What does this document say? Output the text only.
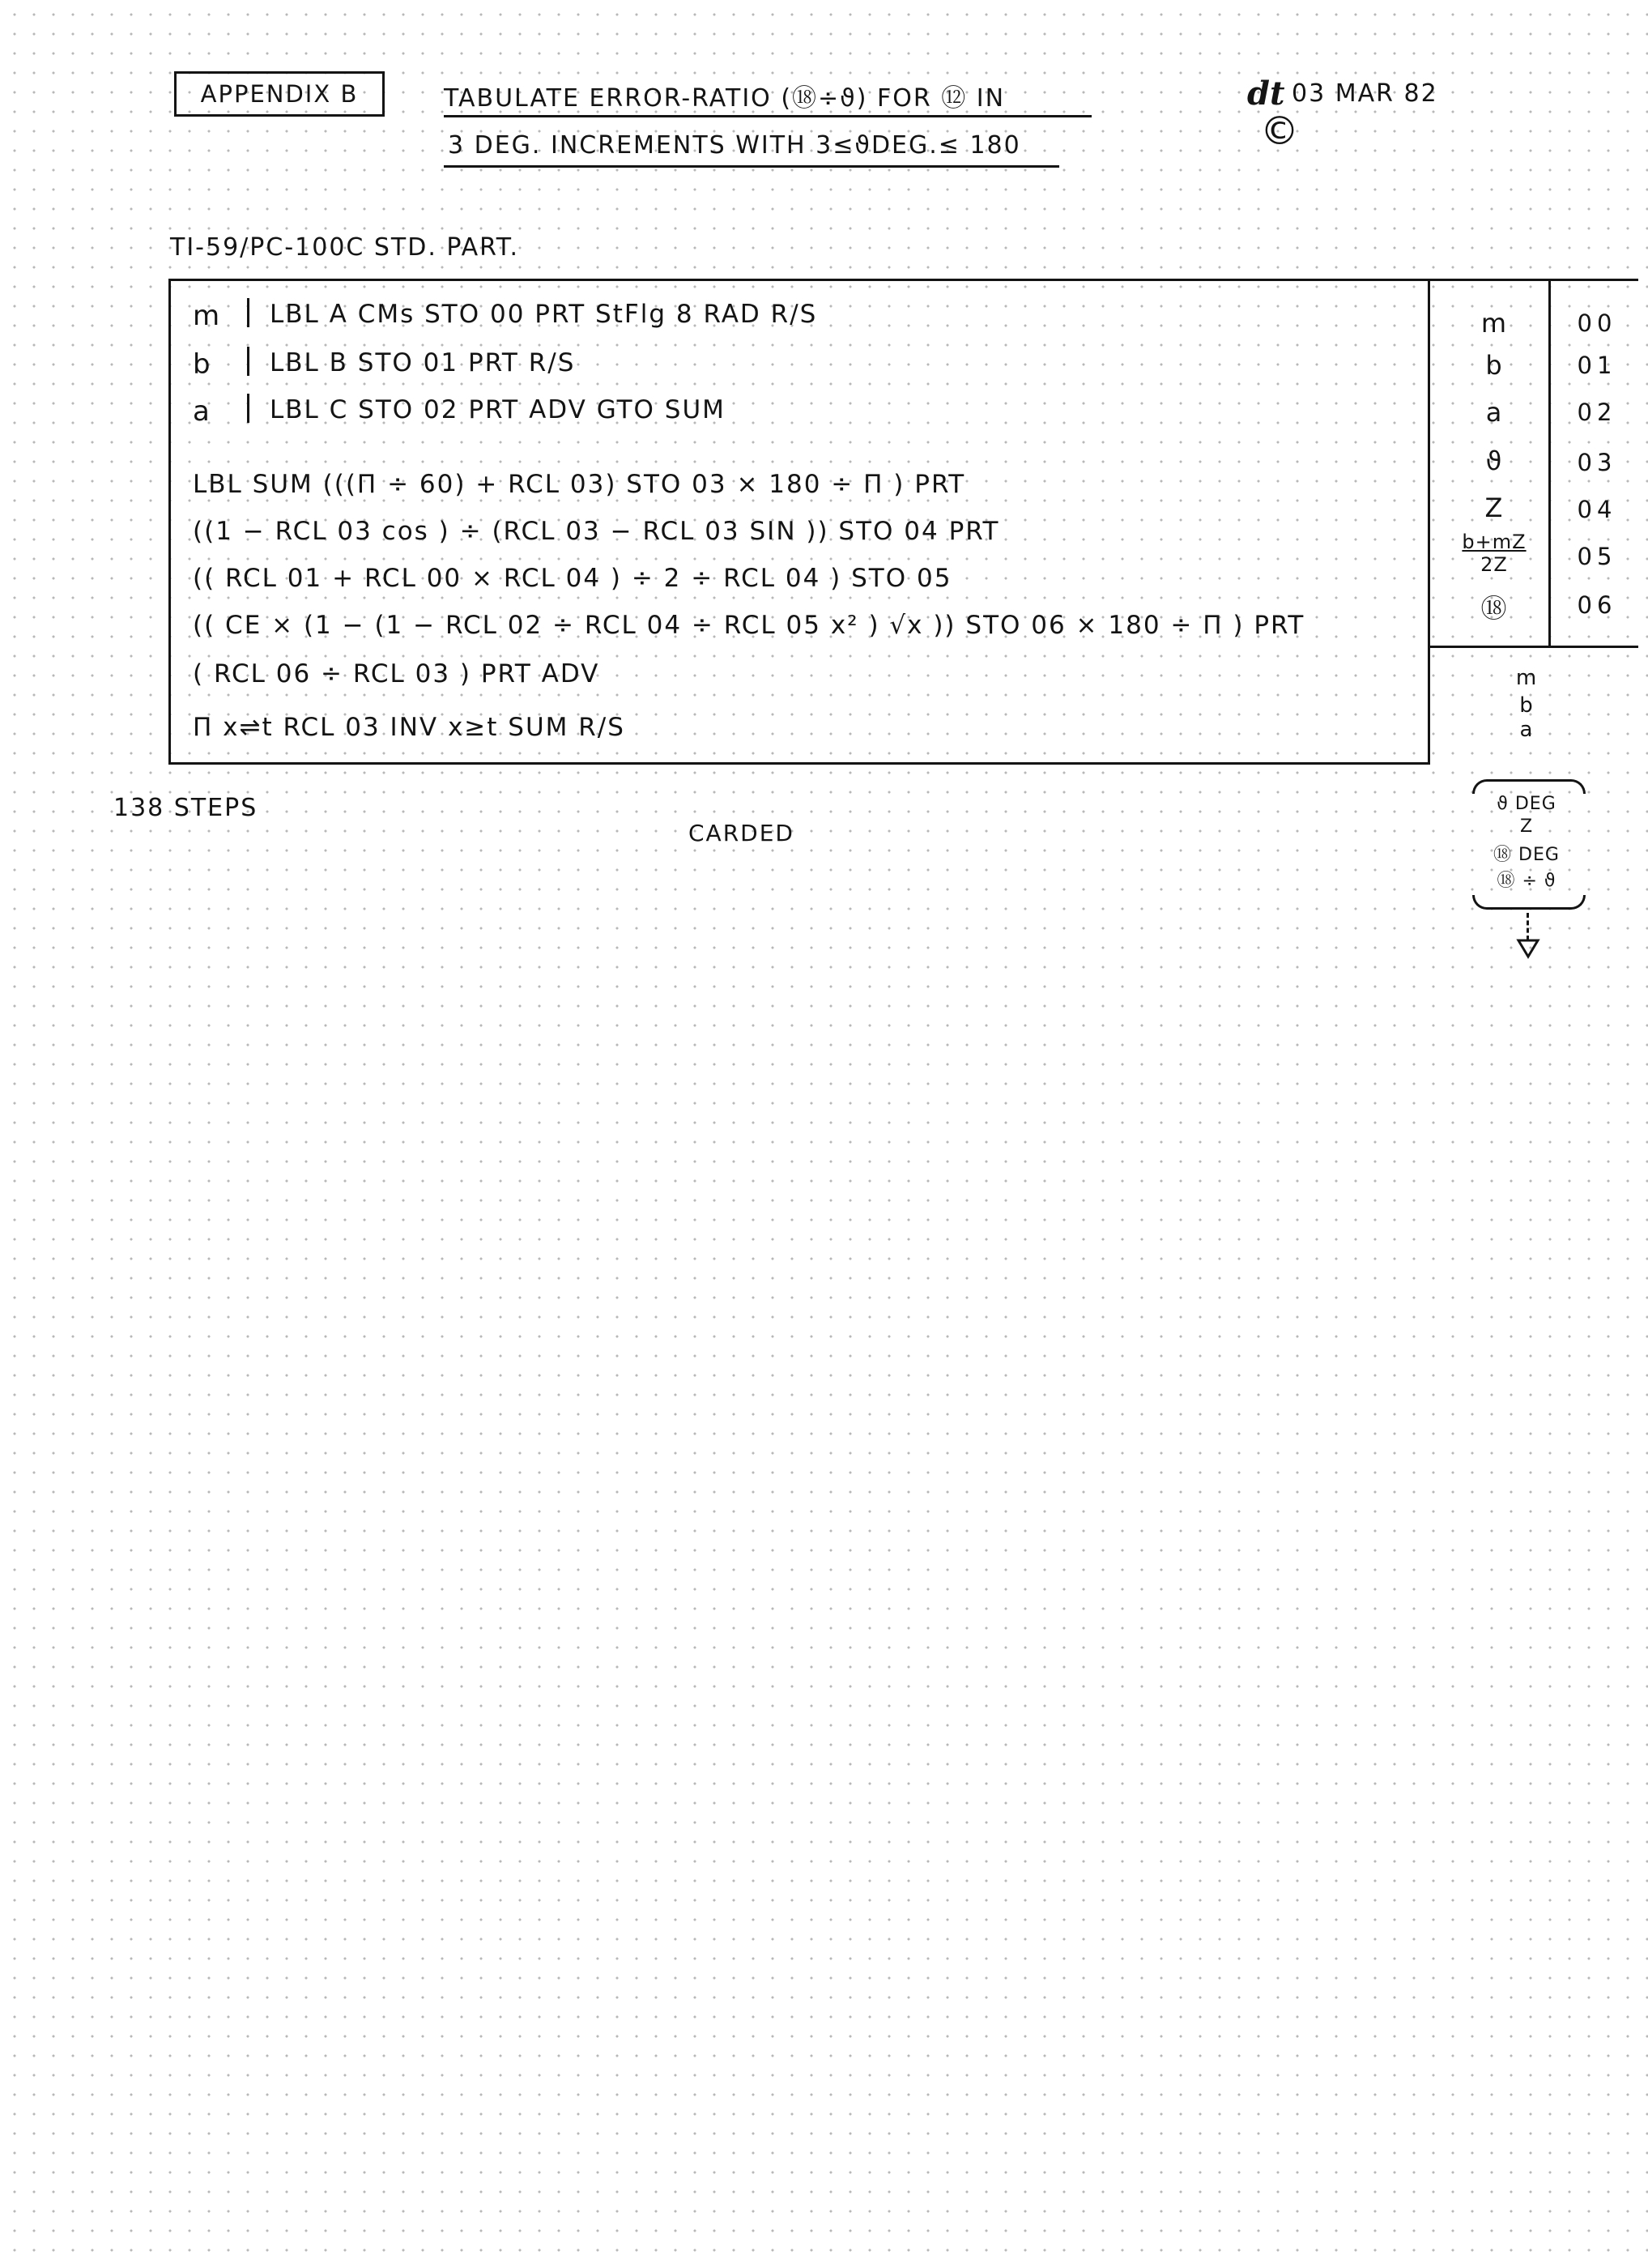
APPENDIX B	TABULATE ERROR-RATIO (⑱÷ϑ) FOR ⑫ IN
3 DEG. INCREMENTS WITH 3≤ϑDEG.≤ 180
dt 03 MAR 82
©
TI-59/PC-100C STD. PART.
m LBL A CMs STO 00 PRT StFlg 8 RAD R/S
b LBL B STO 01 PRT R/S
a LBL C STO 02 PRT ADV GTO SUM
LBL SUM (((Π ÷ 60) + RCL 03) STO 03 × 180 ÷ Π ) PRT
((1 − RCL 03 cos ) ÷ (RCL 03 − RCL 03 SIN )) STO 04 PRT
(( RCL 01 + RCL 00 × RCL 04 ) ÷ 2 ÷ RCL 04 ) STO 05
(( CE × (1 − (1 − RCL 02 ÷ RCL 04 ÷ RCL 05 x² ) √x )) STO 06 × 180 ÷ Π ) PRT
( RCL 06 ÷ RCL 03 ) PRT ADV
Π x⇌t RCL 03 INV x≥t SUM R/S
m	00
b	01
a	02
ϑ	03
Z	04
$\frac{b+mZ}{2Z}$	05
⑱	06
m
b
a
ϑ DEG
Z
⑱ DEG
⑱ ÷ ϑ
138 STEPS
CARDED
